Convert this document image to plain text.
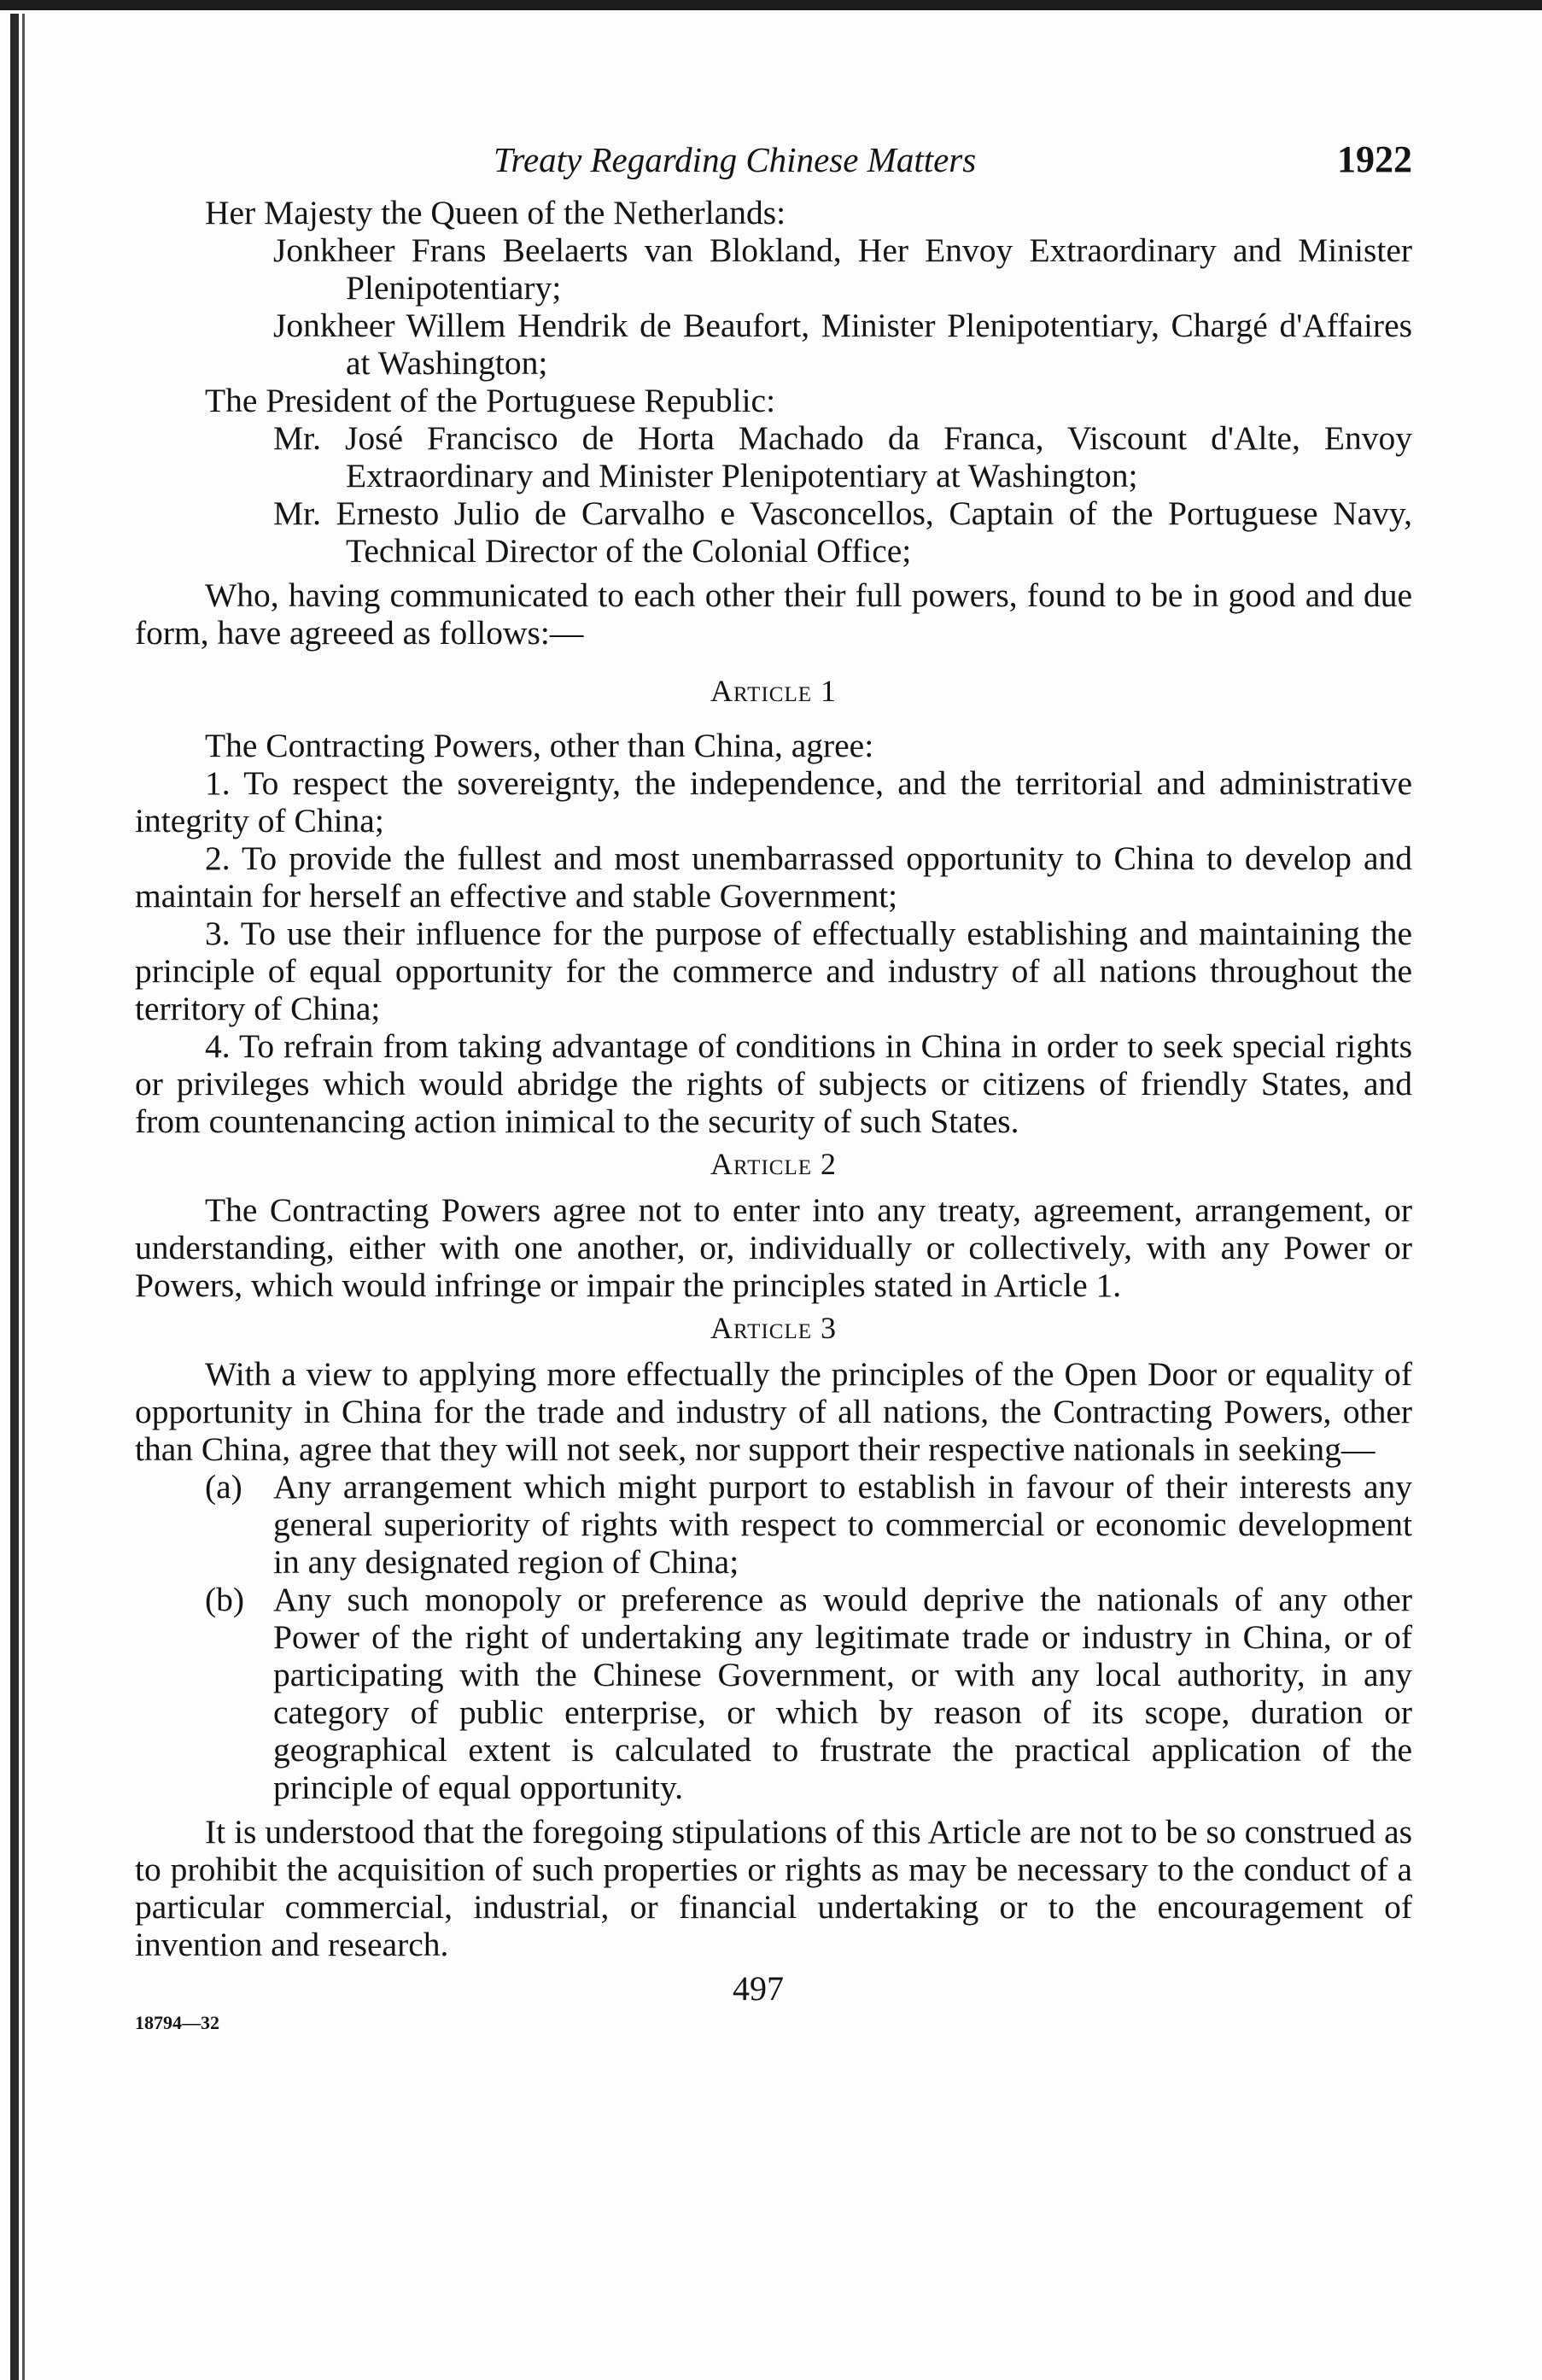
Treaty Regarding Chinese Matters	1922

Her Majesty the Queen of the Netherlands:

Jonkheer Frans Beelaerts van Blokland, Her Envoy Extraordinary and Minister Plenipotentiary;

Jonkheer Willem Hendrik de Beaufort, Minister Plenipotentiary, Chargé d'Affaires at Washington;

The President of the Portuguese Republic:

Mr. José Francisco de Horta Machado da Franca, Viscount d'Alte, Envoy Extraordinary and Minister Plenipotentiary at Washington;

Mr. Ernesto Julio de Carvalho e Vasconcellos, Captain of the Portuguese Navy, Technical Director of the Colonial Office;

Who, having communicated to each other their full powers, found to be in good and due form, have agreeed as follows:—

Article 1

The Contracting Powers, other than China, agree:

1. To respect the sovereignty, the independence, and the territorial and administrative integrity of China;

2. To provide the fullest and most unembarrassed opportunity to China to develop and maintain for herself an effective and stable Government;

3. To use their influence for the purpose of effectually establishing and maintaining the principle of equal opportunity for the commerce and industry of all nations throughout the territory of China;

4. To refrain from taking advantage of conditions in China in order to seek special rights or privileges which would abridge the rights of subjects or citizens of friendly States, and from countenancing action inimical to the security of such States.

Article 2

The Contracting Powers agree not to enter into any treaty, agreement, arrangement, or understanding, either with one another, or, individually or collectively, with any Power or Powers, which would infringe or impair the principles stated in Article 1.

Article 3

With a view to applying more effectually the principles of the Open Door or equality of opportunity in China for the trade and industry of all nations, the Contracting Powers, other than China, agree that they will not seek, nor support their respective nationals in seeking—

(a) Any arrangement which might purport to establish in favour of their interests any general superiority of rights with respect to commercial or economic development in any designated region of China;

(b) Any such monopoly or preference as would deprive the nationals of any other Power of the right of undertaking any legitimate trade or industry in China, or of participating with the Chinese Government, or with any local authority, in any category of public enterprise, or which by reason of its scope, duration or geographical extent is calculated to frustrate the practical application of the principle of equal opportunity.

It is understood that the foregoing stipulations of this Article are not to be so construed as to prohibit the acquisition of such properties or rights as may be necessary to the conduct of a particular commercial, industrial, or financial undertaking or to the encouragement of invention and research.

497
18794—32
